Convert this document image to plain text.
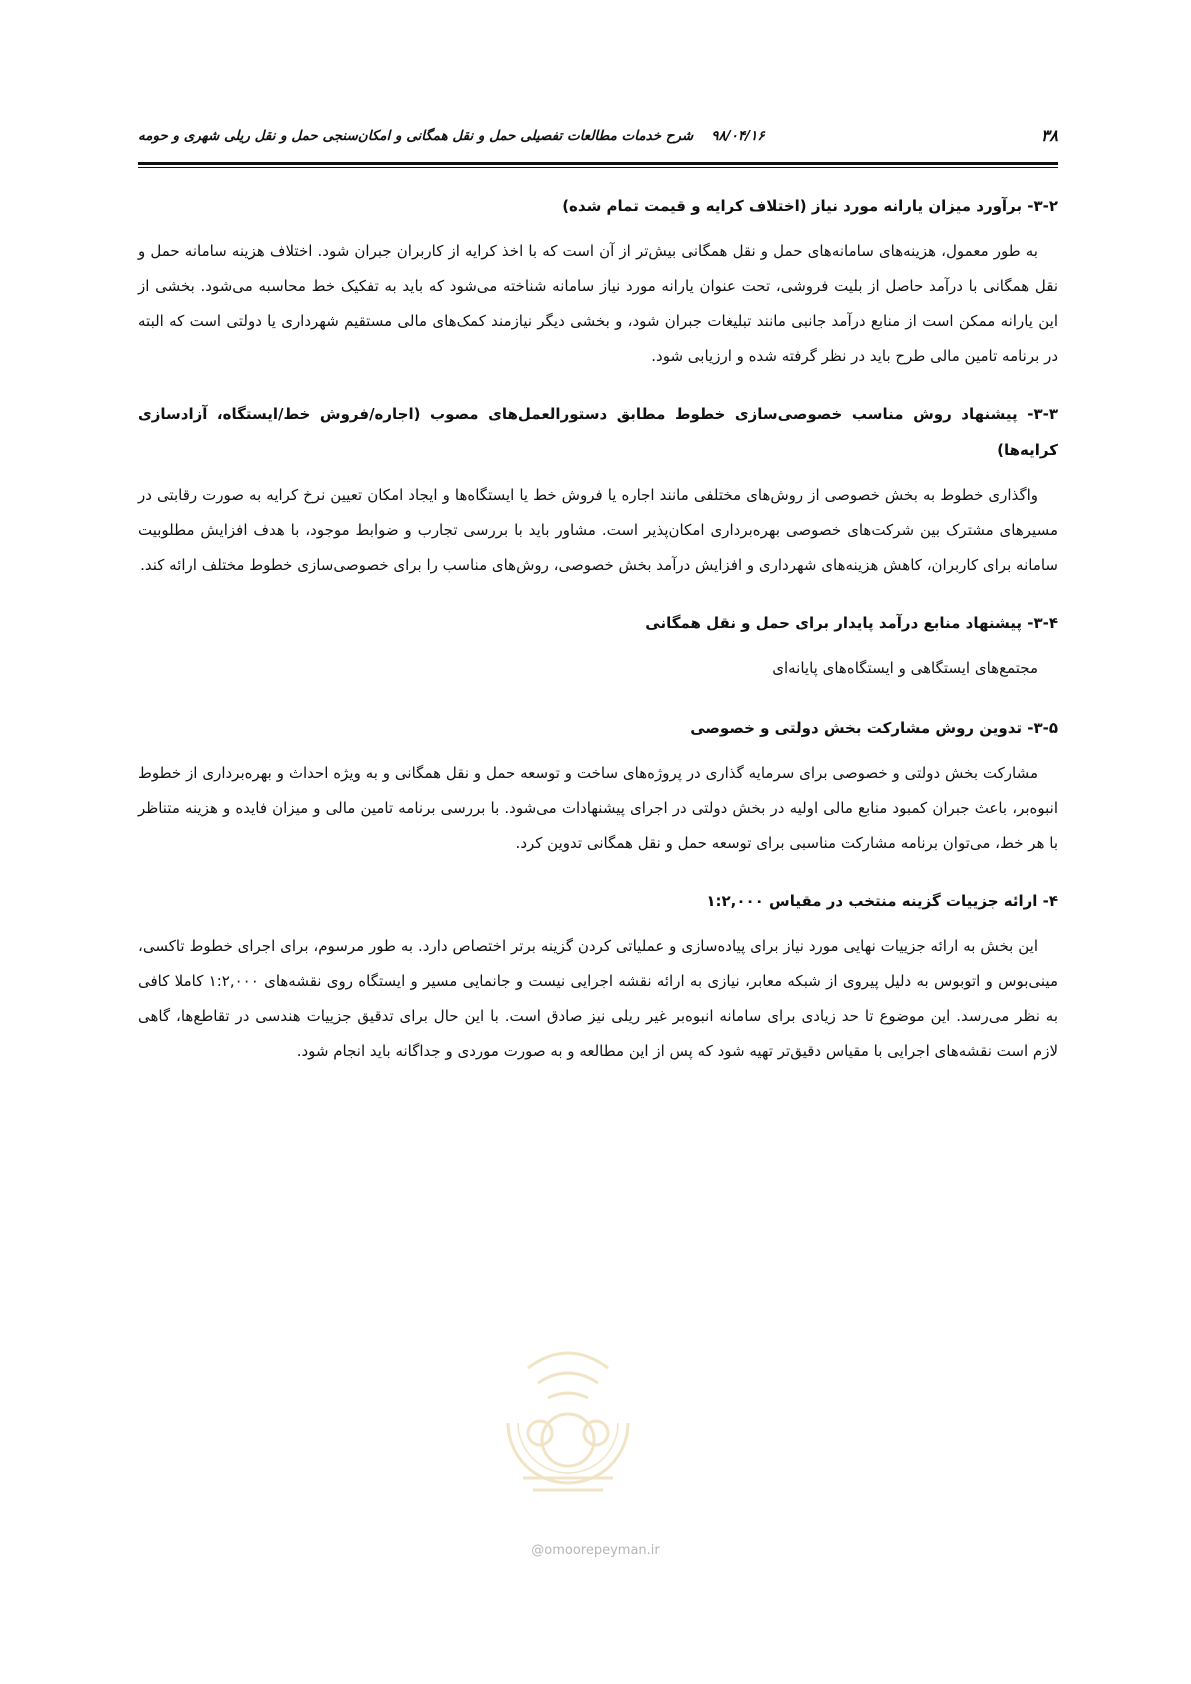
۳۸
۹۸/۰۴/۱۶شرح خدمات مطالعات تفصیلی حمل و نقل همگانی و امکان‌سنجی حمل و نقل ریلی شهری و حومه
۳-۲- برآورد میزان یارانه مورد نیاز (اختلاف کرایه و قیمت تمام شده)

به طور معمول، هزینه‌های سامانه‌های حمل و نقل همگانی بیش‌تر از آن است که با اخذ کرایه از کاربران جبران شود. اختلاف هزینه سامانه حمل و نقل همگانی با درآمد حاصل از بلیت فروشی، تحت عنوان یارانه مورد نیاز سامانه شناخته می‌شود که باید به تفکیک خط محاسبه می‌شود. بخشی از این یارانه ممکن است از منابع درآمد جانبی مانند تبلیغات جبران شود، و بخشی دیگر نیازمند کمک‌های مالی مستقیم شهرداری یا دولتی است که البته در برنامه تامین مالی طرح باید در نظر گرفته شده و ارزیابی شود.

۳-۳- پیشنهاد روش مناسب خصوصی‌سازی خطوط مطابق دستورالعمل‌های مصوب (اجاره/فروش خط/ایستگاه، آزادسازی کرایه‌ها)

واگذاری خطوط به بخش خصوصی از روش‌های مختلفی مانند اجاره یا فروش خط یا ایستگاه‌ها و ایجاد امکان تعیین نرخ کرایه به صورت رقابتی در مسیرهای مشترک بین شرکت‌های خصوصی بهره‌برداری امکان‌پذیر است. مشاور باید با بررسی تجارب و ضوابط موجود، با هدف افزایش مطلوبیت سامانه برای کاربران، کاهش هزینه‌های شهرداری و افزایش درآمد بخش خصوصی، روش‌های مناسب را برای خصوصی‌سازی خطوط مختلف ارائه کند.

۳-۴- پیشنهاد منابع درآمد پایدار برای حمل و نقل همگانی

مجتمع‌های ایستگاهی و ایستگاه‌های پایانه‌ای

۳-۵- تدوین روش مشارکت بخش دولتی و خصوصی

مشارکت بخش دولتی و خصوصی برای سرمایه گذاری در پروژه‌های ساخت و توسعه حمل و نقل همگانی و به ویژه احداث و بهره‌برداری از خطوط انبوه‌بر، باعث جبران کمبود منابع مالی اولیه در بخش دولتی در اجرای پیشنهادات می‌شود. با بررسی برنامه تامین مالی و میزان فایده و هزینه متناظر با هر خط، می‌توان برنامه مشارکت مناسبی برای توسعه حمل و نقل همگانی تدوین کرد.

۴- ارائه جزییات گزینه منتخب در مقیاس ۱:۲,۰۰۰

این بخش به ارائه جزییات نهایی مورد نیاز برای پیاده‌سازی و عملیاتی کردن گزینه برتر اختصاص دارد. به طور مرسوم، برای اجرای خطوط تاکسی، مینی‌بوس و اتوبوس به دلیل پیروی از شبکه معابر، نیازی به ارائه نقشه اجرایی نیست و جانمایی مسیر و ایستگاه روی نقشه‌های ۱:۲,۰۰۰ کاملا کافی به نظر می‌رسد. این موضوع تا حد زیادی برای سامانه انبوه‌بر غیر ریلی نیز صادق است. با این حال برای تدقیق جزییات هندسی در تقاطع‌ها، گاهی لازم است نقشه‌های اجرایی با مقیاس دقیق‌تر تهیه شود که پس از این مطالعه و به صورت موردی و جداگانه باید انجام شود.

@omoorepeyman.ir
